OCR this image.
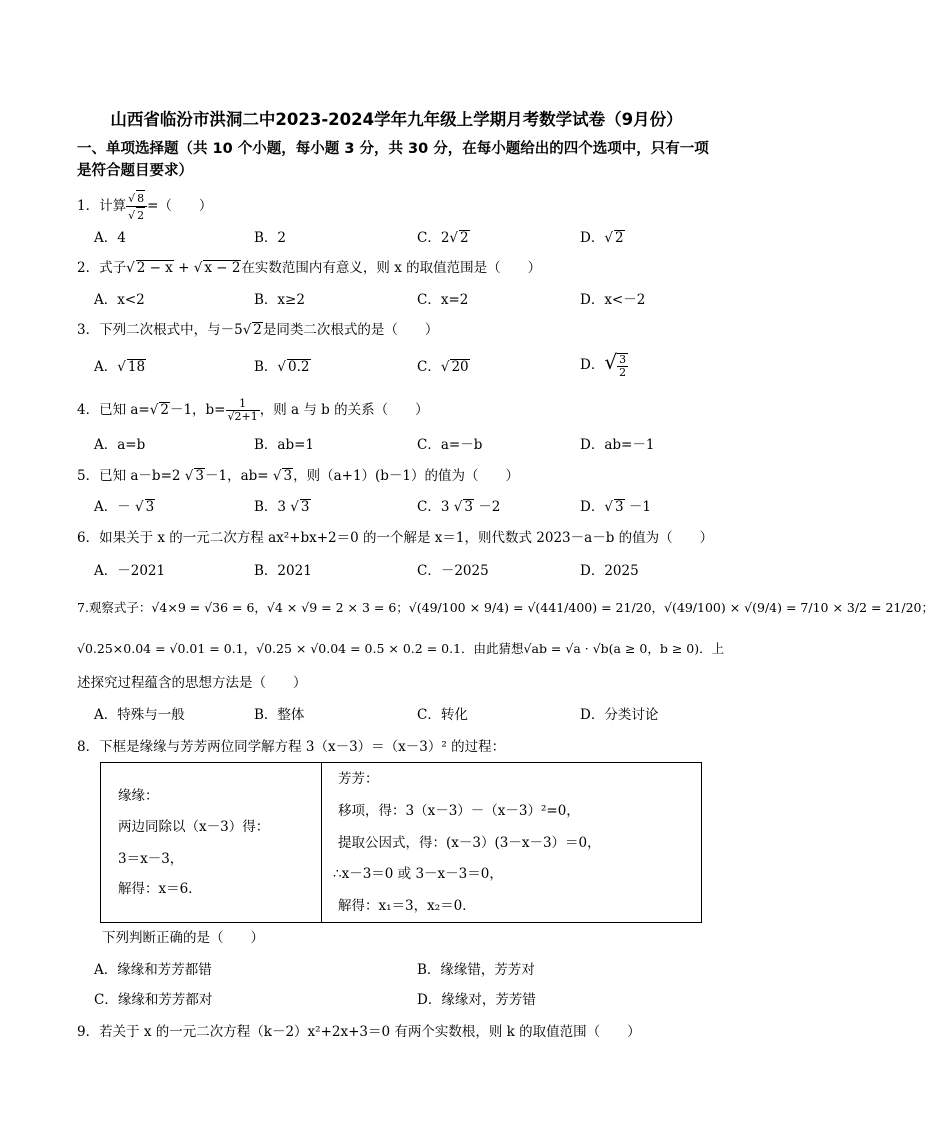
山西省临汾市洪洞二中2023-2024学年九年级上学期月考数学试卷（9月份）
一、单项选择题（共 10 个小题，每小题 3 分，共 30 分，在每小题给出的四个选项中，只有一项
是符合题目要求）
1．计算 $\frac{√ 8}{√ 2}$ =（　　）
A．4	B．2	C．2√ 2	D．√ 2
2．式子√ 2 − x + √ x − 2在实数范围内有意义，则 x 的取值范围是（　　）
A．x<2	B．x≥2	C．x=2	D．x<－2
3．下列二次根式中，与－5√ 2是同类二次根式的是（　　）
A．√ 18	B．√ 0.2	C．√ 20	D．√ $\frac{3}{2}$
4．已知 a=√ 2－1，$b= \frac{1}{√2+1}$ ，则 a 与 b 的关系（　　）
A．a=b	B．ab=1	C．a=－b	D．ab=－1
5．已知 a－b=2 √ 3－1，ab= √ 3，则（a+1）(b－1）的值为（　　）
A．－ √ 3	B．3 √ 3	C．3 √ 3 －2	D．√ 3 －1
6．如果关于 x 的一元二次方程 ax²+bx+2＝0 的一个解是 x＝1，则代数式 2023－a－b 的值为（　　）
A．－2021	B．2021	C．－2025	D．2025
7.观察式子：√4×9 = √36 = 6，√4 × √9 = 2 × 3 = 6；√(49/100 × 9/4) = √(441/400) = 21/20，√(49/100) × √(9/4) = 7/10 × 3/2 = 21/20；
√0.25×0.04 = √0.01 = 0.1，√0.25 × √0.04 = 0.5 × 0.2 = 0.1．由此猜想√ab = √a · √b(a ≥ 0，b ≥ 0)．上
述探究过程蕴含的思想方法是（　　）
A．特殊与一般	B．整体	C．转化	D．分类讨论
8．下框是缘缘与芳芳两位同学解方程 3（x－3）＝（x－3）² 的过程：
缘缘：
两边同除以（x－3）得：
3＝x－3，
解得：x＝6．
芳芳：
移项，得：3（x－3）－（x－3）²=0，
提取公因式，得：(x－3）(3－x－3）＝0，
∴x－3＝0 或 3－x－3＝0，
解得：x₁＝3，x₂＝0．
下列判断正确的是（　　）
A．缘缘和芳芳都错	B．缘缘错，芳芳对
C．缘缘和芳芳都对	D．缘缘对，芳芳错
9．若关于 x 的一元二次方程（k－2）x²+2x+3＝0 有两个实数根，则 k 的取值范围（　　）
